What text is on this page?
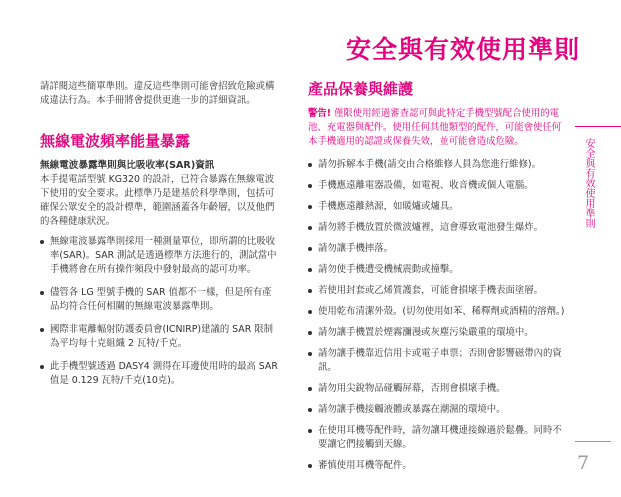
安全與有效使用準則

請詳閱這些簡單準則。違反這些準則可能會招致危險或構成違法行為。本手冊將會提供更進一步的詳細資訊。

無線電波頻率能量暴露
無線電波暴露準則與比吸收率(SAR)資訊

本手提電話型號 KG320 的設計，已符合暴露在無線電波下使用的安全要求。此標準乃是建基於科學準則，包括可確保公眾安全的設計標準，範圍涵蓋各年齡層，以及他們的各種健康狀況。

無線電波暴露準則採用一種測量單位，即所謂的比吸收率(SAR)。SAR 測試是透過標準方法進行的，測試當中手機將會在所有操作頻段中發射最高的認可功率。
儘管各 LG 型號手機的 SAR 值都不一樣，但是所有產品均符合任何相關的無線電波暴露準則。
國際非電離輻射防護委員會(ICNIRP)建議的 SAR 限制為平均每十克組織 2 瓦特/千克。
此手機型號透過 DASY4 測得在耳邊使用時的最高 SAR 值是 0.129 瓦特/千克(10克)。
產品保養與維護

警告! 僅限使用經過審查認可與此特定手機型號配合使用的電池、充電器與配件。使用任何其他類型的配件，可能會使任何本手機適用的認證或保養失效，並可能會造成危險。

請勿拆解本手機(請交由合格維修人員為您進行維修)。
手機應遠離電器設備，如電視、收音機或個人電腦。
手機應遠離熱源，如暖爐或爐具。
請勿將手機放置於微波爐裡，這會導致電池發生爆炸。
請勿讓手機摔落。
請勿使手機遭受機械震動或撞擊。
若使用封套或乙烯質護套，可能會損壞手機表面塗層。
使用乾布清潔外殼。(切勿使用如苯、稀釋劑或酒精的溶劑。)
請勿讓手機置於煙霧瀰漫或灰塵污染嚴重的環境中。
請勿讓手機靠近信用卡或電子車票；否則會影響磁帶內的資訊。
請勿用尖銳物品碰觸屏幕，否則會損壞手機。
請勿讓手機接觸液體或暴露在潮濕的環境中。
在使用耳機等配件時，請勿讓耳機連接線過於鬆疊。同時不要讓它們接觸到天線。
審慎使用耳機等配件。
安全與有效使用準則
7
